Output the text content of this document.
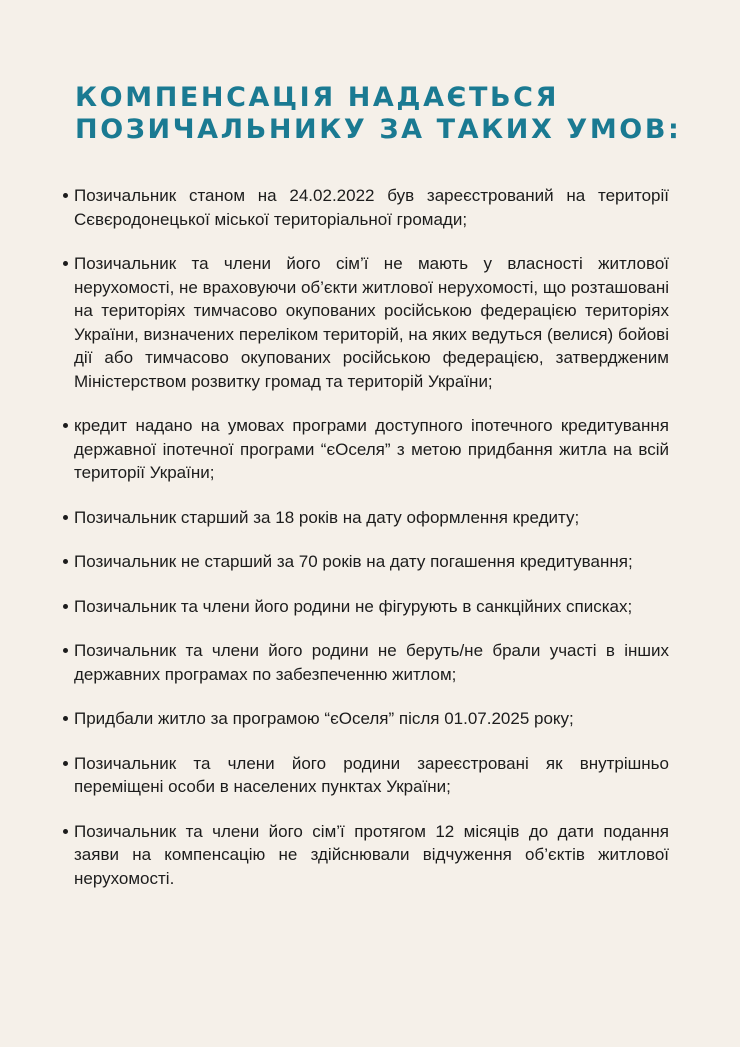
КОМПЕНСАЦІЯ НАДАЄТЬСЯ
ПОЗИЧАЛЬНИКУ ЗА ТАКИХ УМОВ:
Позичальник станом на 24.02.2022 був зареєстрований на території Сєвєродонецької міської територіальної громади;
Позичальник та члени його сім’ї не мають у власності житлової нерухомості, не враховуючи об’єкти житлової нерухомості, що розташовані на територіях тимчасово окупованих російською федерацією територіях України, визначених переліком територій, на яких ведуться (велися) бойові дії або тимчасово окупованих російською федерацією, затвердженим Міністерством розвитку громад та територій України;
кредит надано на умовах програми доступного іпотечного кредитування державної іпотечної програми “єОселя” з метою придбання житла на всій території України;
Позичальник старший за 18 років на дату оформлення кредиту;
Позичальник не старший за 70 років на дату погашення кредитування;
Позичальник та члени його родини не фігурують в санкційних списках;
Позичальник та члени його родини не беруть/не брали участі в інших державних програмах по забезпеченню житлом;
Придбали житло за програмою “єОселя” після 01.07.2025 року;
Позичальник та члени його родини зареєстровані як внутрішньо переміщені особи в населених пунктах України;
Позичальник та члени його сім’ї протягом 12 місяців до дати подання заяви на компенсацію не здійснювали відчуження об’єктів житлової нерухомості.
